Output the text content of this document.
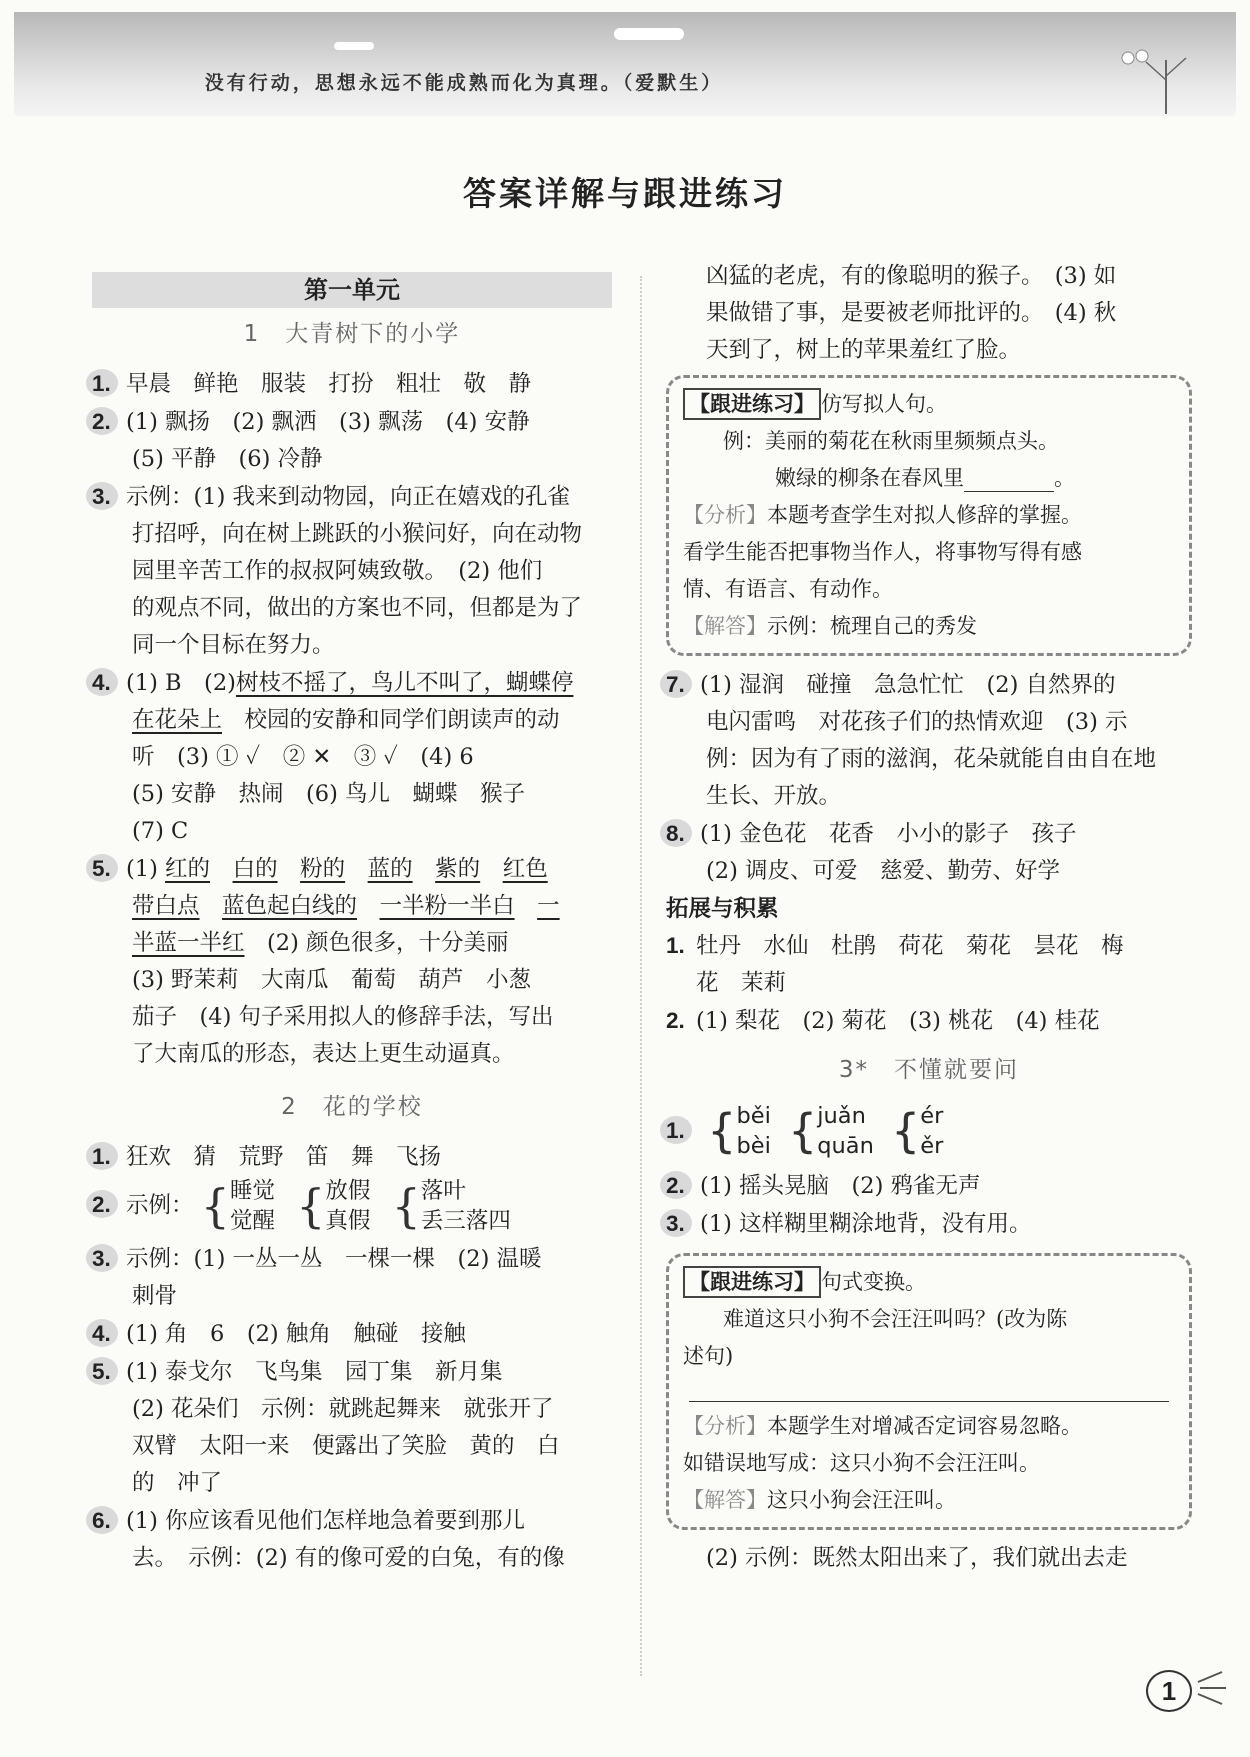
没有行动，思想永远不能成熟而化为真理。（爱默生）
答案详解与跟进练习
第一单元
1　大青树下的小学
1. 早晨　鲜艳　服装　打扮　粗壮　敬　静
2. (1) 飘扬　(2) 飘洒　(3) 飘荡　(4) 安静
(5) 平静　(6) 冷静
3. 示例：(1) 我来到动物园，向正在嬉戏的孔雀
打招呼，向在树上跳跃的小猴问好，向在动物
园里辛苦工作的叔叔阿姨致敬。　(2) 他们
的观点不同，做出的方案也不同，但都是为了
同一个目标在努力。
4. (1) B　(2)树枝不摇了，鸟儿不叫了，蝴蝶停
在花朵上　校园的安静和同学们朗读声的动
听　(3) ① ✓　② ✕　③ ✓　(4) 6
(5) 安静　热闹　(6) 鸟儿　蝴蝶　猴子
(7) C
5. (1) 红的　 白的　 粉的　 蓝的　 紫的　 红色
带白点　 蓝色起白线的　 一半粉一半白　 一
半蓝一半红　(2) 颜色很多，十分美丽
(3) 野茉莉　大南瓜　葡萄　葫芦　小葱
茄子　(4) 句子采用拟人的修辞手法，写出
了大南瓜的形态，表达上更生动逼真。
2　花的学校
1. 狂欢　猜　荒野　笛　舞　飞扬
2. 示例： { 睡觉
觉醒 { 放假
真假 { 落叶
丢三落四
3. 示例：(1) 一丛一丛　一棵一棵　(2) 温暖
刺骨
4. (1) 角　6　(2) 触角　触碰　接触
5. (1) 泰戈尔　飞鸟集　园丁集　新月集
(2) 花朵们　示例：就跳起舞来　就张开了
双臂　太阳一来　便露出了笑脸　黄的　白
的　冲了
6. (1) 你应该看见他们怎样地急着要到那儿
去。　示例：(2) 有的像可爱的白兔，有的像
凶猛的老虎，有的像聪明的猴子。　(3) 如
果做错了事，是要被老师批评的。　(4) 秋
天到了，树上的苹果羞红了脸。
【跟进练习】 仿写拟人句。
例：美丽的菊花在秋雨里频频点头。
嫩绿的柳条在春风里	。
【分析】本题考查学生对拟人修辞的掌握。
看学生能否把事物当作人，将事物写得有感
情、有语言、有动作。
【解答】示例：梳理自己的秀发
7. (1) 湿润　碰撞　急急忙忙　(2) 自然界的
电闪雷鸣　对花孩子们的热情欢迎　(3) 示
例：因为有了雨的滋润，花朵就能自由自在地
生长、开放。
8. (1) 金色花　花香　小小的影子　孩子
(2) 调皮、可爱　慈爱、勤劳、好学
拓展与积累
1. 牡丹　水仙　杜鹃　荷花　菊花　昙花　梅
花　茉莉
2. (1) 梨花　(2) 菊花　(3) 桃花　(4) 桂花
3*　不懂就要问
1. { běi
bèi { juǎn
quān { ér
ěr
2. (1) 摇头晃脑　(2) 鸦雀无声
3. (1) 这样糊里糊涂地背，没有用。
【跟进练习】 句式变换。
难道这只小狗不会汪汪叫吗？(改为陈
述句)
【分析】本题学生对增减否定词容易忽略。
如错误地写成：这只小狗不会汪汪叫。
【解答】这只小狗会汪汪叫。
(2) 示例：既然太阳出来了，我们就出去走
1
